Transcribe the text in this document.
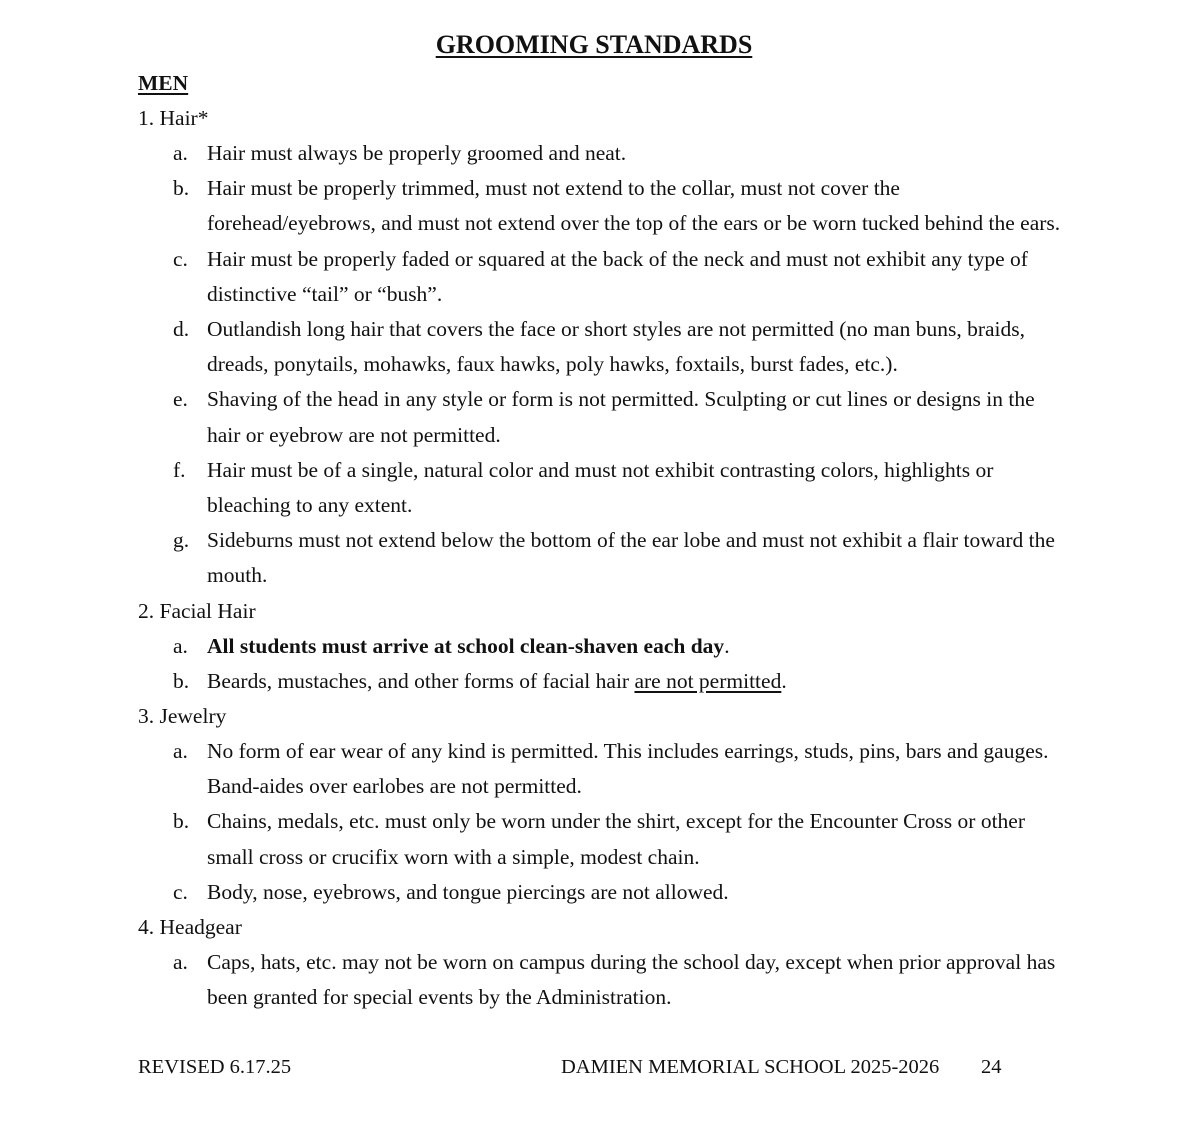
GROOMING STANDARDS
MEN
1. Hair*
a. Hair must always be properly groomed and neat.
b. Hair must be properly trimmed, must not extend to the collar, must not cover the forehead/eyebrows, and must not extend over the top of the ears or be worn tucked behind the ears.
c. Hair must be properly faded or squared at the back of the neck and must not exhibit any type of distinctive “tail” or “bush”.
d. Outlandish long hair that covers the face or short styles are not permitted (no man buns, braids, dreads, ponytails, mohawks, faux hawks, poly hawks, foxtails, burst fades, etc.).
e. Shaving of the head in any style or form is not permitted. Sculpting or cut lines or designs in the hair or eyebrow are not permitted.
f. Hair must be of a single, natural color and must not exhibit contrasting colors, highlights or bleaching to any extent.
g. Sideburns must not extend below the bottom of the ear lobe and must not exhibit a flair toward the mouth.
2. Facial Hair
a. All students must arrive at school clean-shaven each day.
b. Beards, mustaches, and other forms of facial hair are not permitted.
3. Jewelry
a. No form of ear wear of any kind is permitted. This includes earrings, studs, pins, bars and gauges. Band-aides over earlobes are not permitted.
b. Chains, medals, etc. must only be worn under the shirt, except for the Encounter Cross or other small cross or crucifix worn with a simple, modest chain.
c. Body, nose, eyebrows, and tongue piercings are not allowed.
4. Headgear
a. Caps, hats, etc. may not be worn on campus during the school day, except when prior approval has been granted for special events by the Administration.
REVISED 6.17.25	DAMIEN MEMORIAL SCHOOL 2025-2026 24
